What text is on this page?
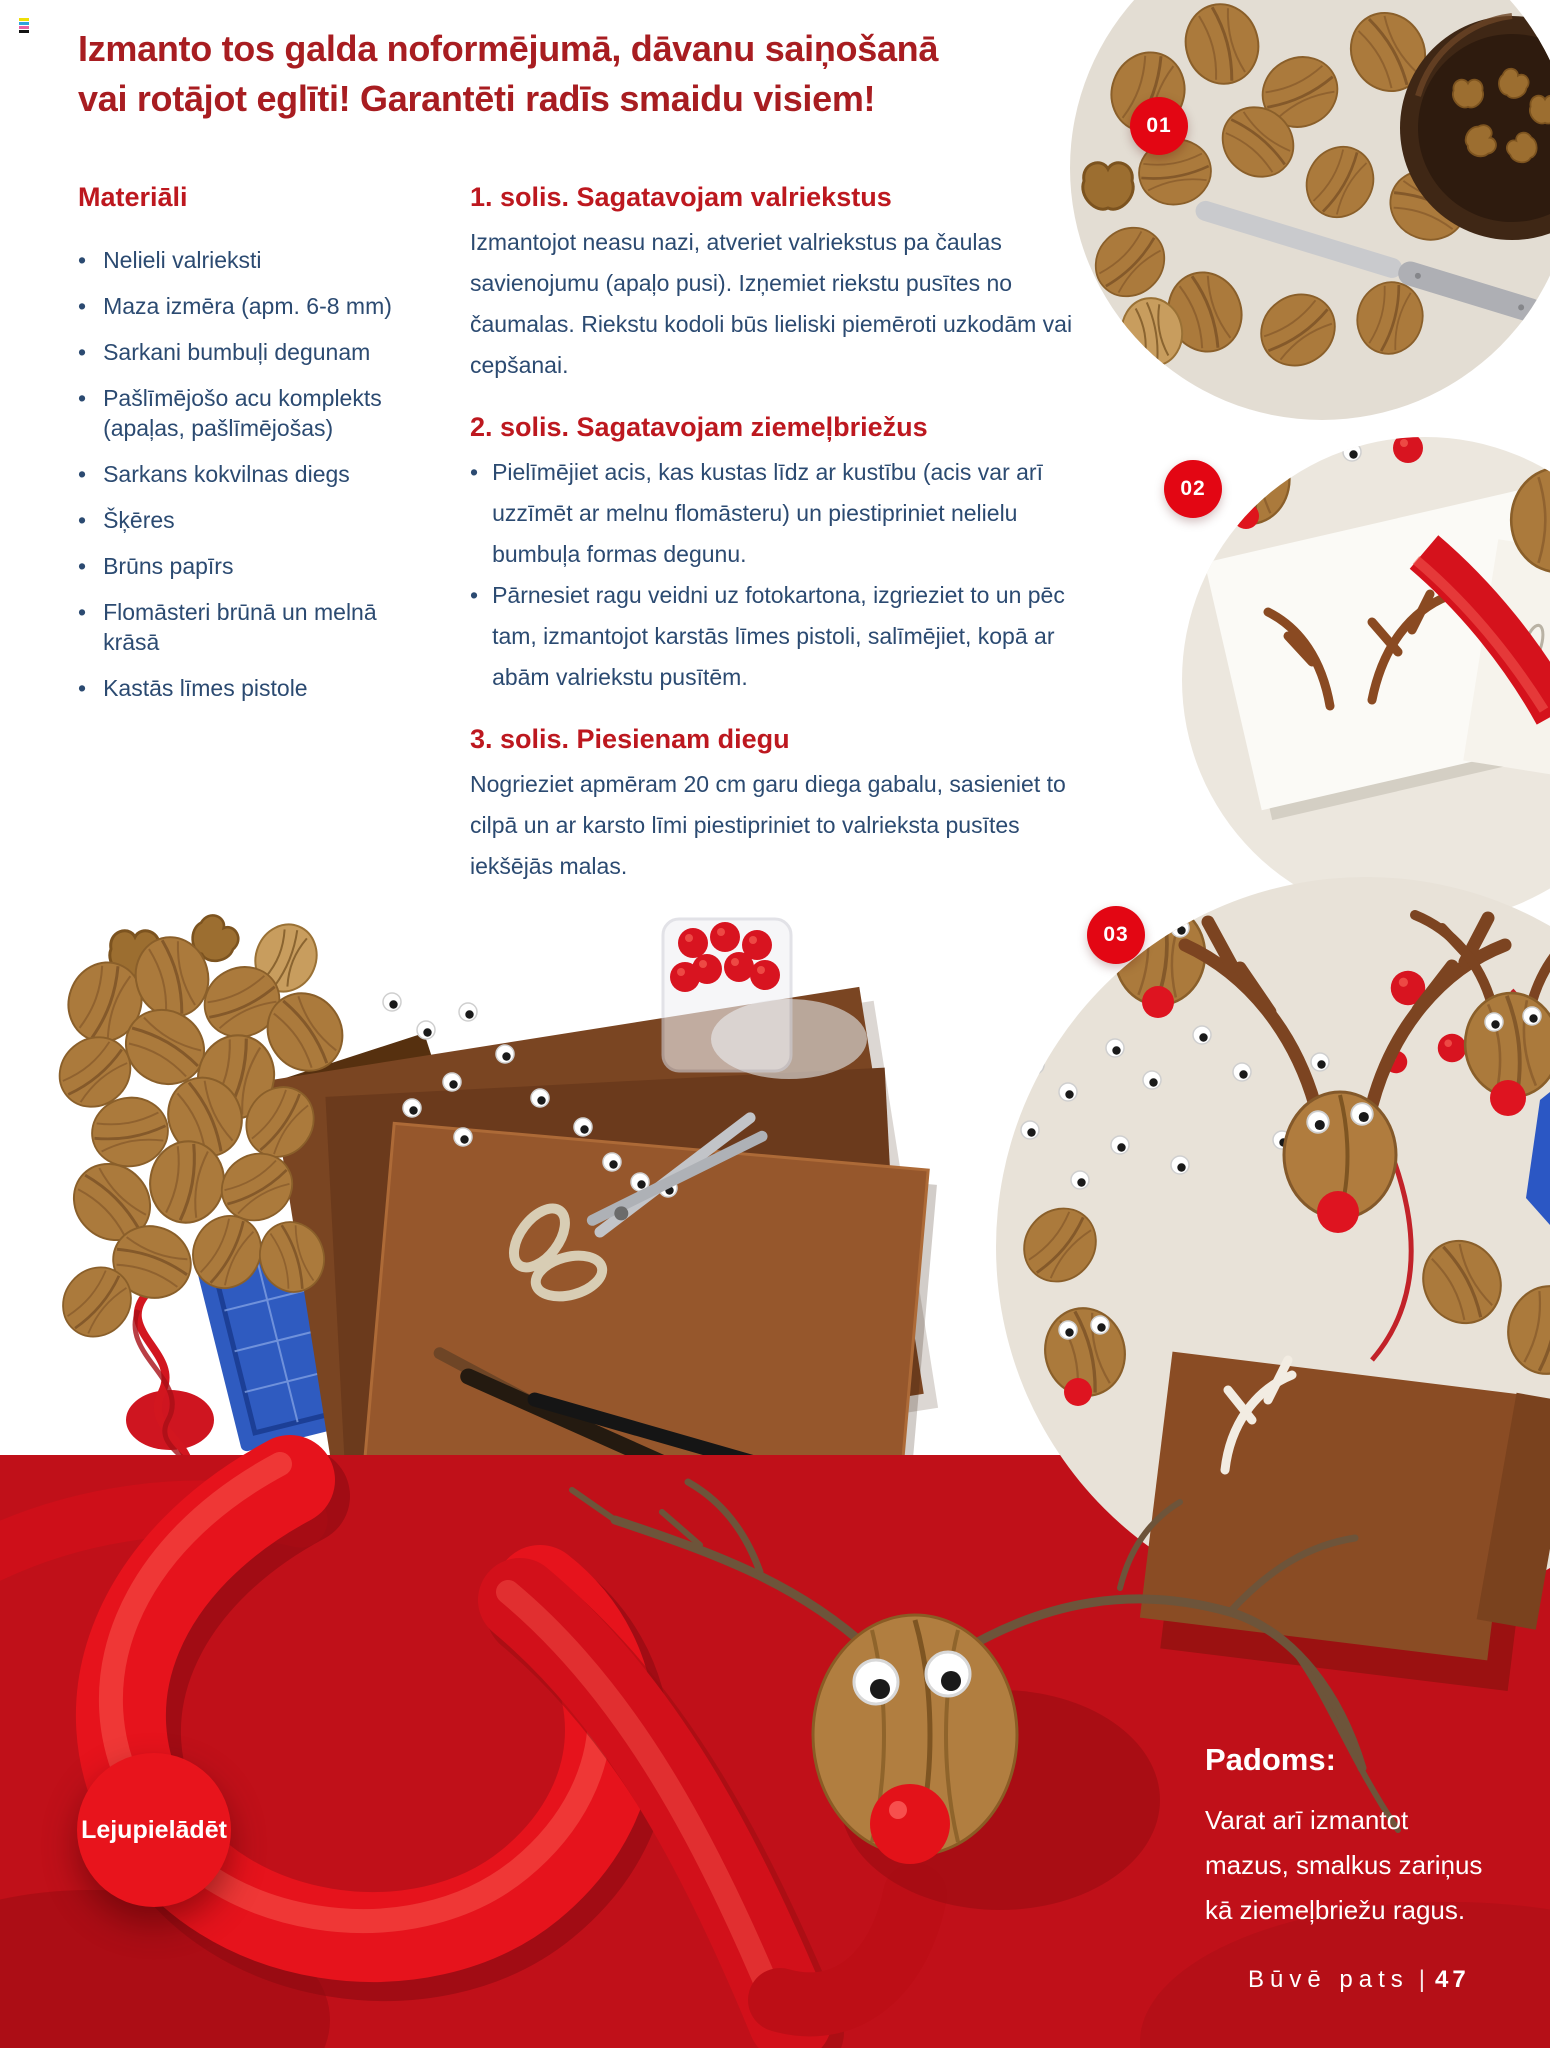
Izmanto tos galda noformējumā, dāvanu saiņošanā
vai rotājot eglīti! Garantēti radīs smaidu visiem!
Materiāli
• Nelieli valrieksti
• Maza izmēra (apm. 6-8 mm)
• Sarkani bumbuļi degunam
• Pašlīmējošo acu komplekts (apaļas, pašlīmējošas)
• Sarkans kokvilnas diegs
• Šķēres
• Brūns papīrs
• Flomāsteri brūnā un melnā krāsā
• Kastās līmes pistole
1. solis. Sagatavojam valriekstus

Izmantojot neasu nazi, atveriet valriekstus pa čaulas savienojumu (apaļo pusi). Izņemiet riekstu pusītes no čaumalas. Riekstu kodoli būs lieliski piemēroti uzkodām vai cepšanai.

2. solis. Sagatavojam ziemeļbriežus
• Pielīmējiet acis, kas kustas līdz ar kustību (acis var arī uzzīmēt ar melnu flomāsteru) un piestipriniet nelielu bumbuļa formas degunu.
• Pārnesiet ragu veidni uz fotokartona, izgrieziet to un pēc tam, izmantojot karstās līmes pistoli, salīmējiet, kopā ar abām valriekstu pusītēm.
3. solis. Piesienam diegu

Nogrieziet apmēram 20 cm garu diega gabalu, sasieniet to cilpā un ar karsto līmi piestipriniet to valrieksta pusītes iekšējās malas.

01
02
03
Lejupielādēt
Padoms:
Varat arī izmantot
mazus, smalkus zariņus
kā ziemeļbriežu ragus.
Būvē pats | 47
